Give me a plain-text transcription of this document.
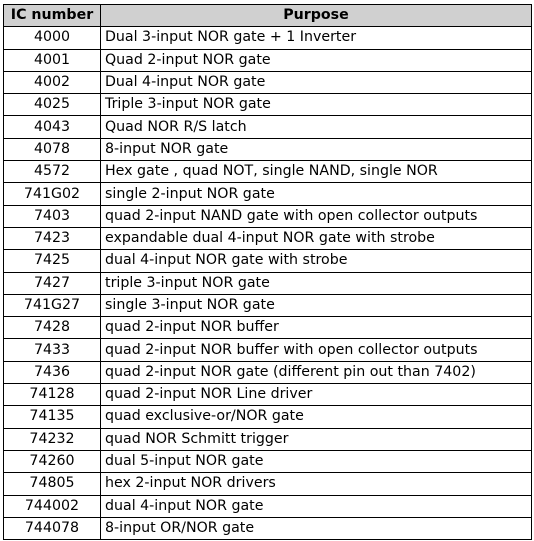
IC number	Purpose
4000	Dual 3-input NOR gate + 1 Inverter
4001	Quad 2-input NOR gate
4002	Dual 4-input NOR gate
4025	Triple 3-input NOR gate
4043	Quad NOR R/S latch
4078	8-input NOR gate
4572	Hex gate , quad NOT, single NAND, single NOR
741G02	single 2-input NOR gate
7403	quad 2-input NAND gate with open collector outputs
7423	expandable dual 4-input NOR gate with strobe
7425	dual 4-input NOR gate with strobe
7427	triple 3-input NOR gate
741G27	single 3-input NOR gate
7428	quad 2-input NOR buffer
7433	quad 2-input NOR buffer with open collector outputs
7436	quad 2-input NOR gate (different pin out than 7402)
74128	quad 2-input NOR Line driver
74135	quad exclusive-or/NOR gate
74232	quad NOR Schmitt trigger
74260	dual 5-input NOR gate
74805	hex 2-input NOR drivers
744002	dual 4-input NOR gate
744078	8-input OR/NOR gate
